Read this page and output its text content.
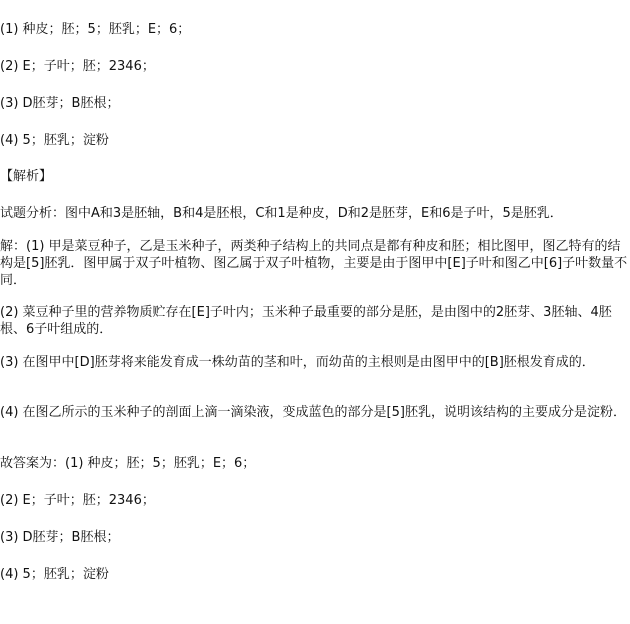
(1) 种皮；胚；5；胚乳；E；6；
(2) E；子叶；胚；2346；
(3) D胚芽；B胚根；
(4) 5；胚乳；淀粉
【解析】
试题分析：图中A和3是胚轴，B和4是胚根，C和1是种皮，D和2是胚芽，E和6是子叶，5是胚乳．
解：(1) 甲是菜豆种子，乙是玉米种子，两类种子结构上的共同点是都有种皮和胚；相比图甲，图乙特有的结构是[5]胚乳．图甲属于双子叶植物、图乙属于双子叶植物，主要是由于图甲中[E]子叶和图乙中[6]子叶数量不同．
(2) 菜豆种子里的营养物质贮存在[E]子叶内；玉米种子最重要的部分是胚，是由图中的2胚芽、3胚轴、4胚根、6子叶组成的．
(3) 在图甲中[D]胚芽将来能发育成一株幼苗的茎和叶，而幼苗的主根则是由图甲中的[B]胚根发育成的．
(4) 在图乙所示的玉米种子的剖面上滴一滴染液，变成蓝色的部分是[5]胚乳，说明该结构的主要成分是淀粉．
故答案为：(1) 种皮；胚；5；胚乳；E；6；
(2) E；子叶；胚；2346；
(3) D胚芽；B胚根；
(4) 5；胚乳；淀粉
